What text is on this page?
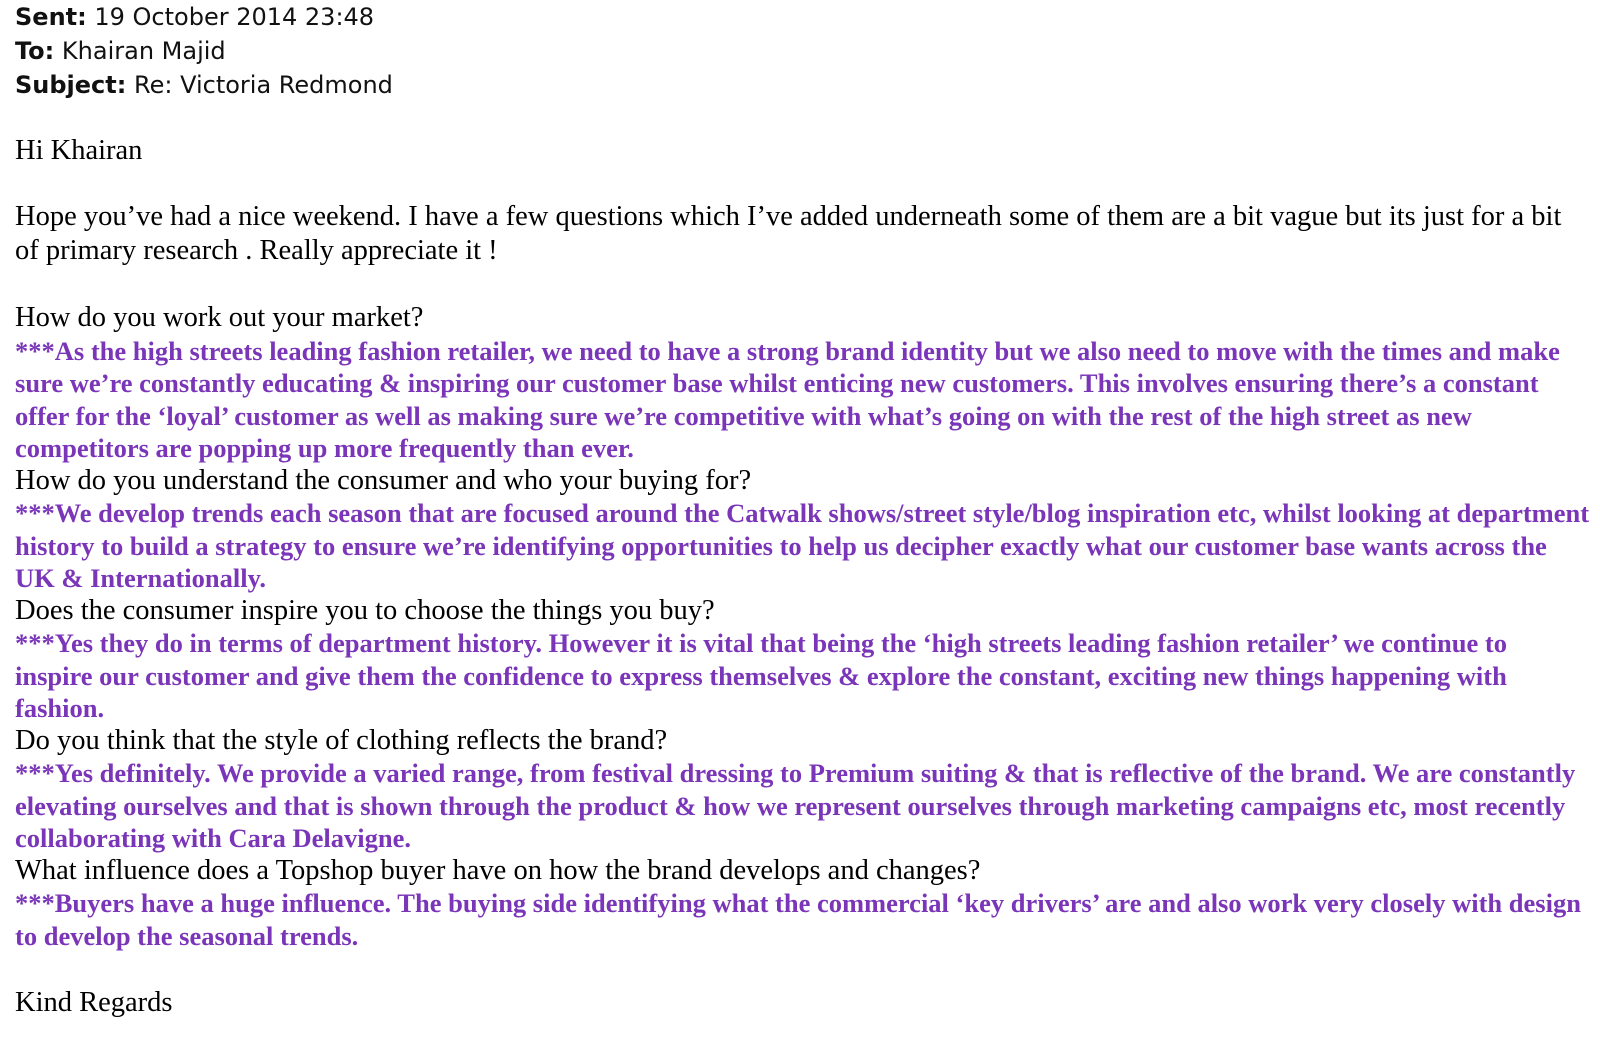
Sent: 19 October 2014 23:48
To: Khairan Majid
Subject: Re: Victoria Redmond
Hi Khairan
Hope you’ve had a nice weekend. I have a few questions which I’ve added underneath some of them are a bit vague but its just for a bit of primary research . Really appreciate it !
How do you work out your market?
***As the high streets leading fashion retailer, we need to have a strong brand identity but we also need to move with the times and make sure we’re constantly educating & inspiring our customer base whilst enticing new customers. This involves ensuring there’s a constant offer for the ‘loyal’ customer as well as making sure we’re competitive with what’s going on with the rest of the high street as new competitors are popping up more frequently than ever.
How do you understand the consumer and who your buying for?
***We develop trends each season that are focused around the Catwalk shows/street style/blog inspiration etc, whilst looking at department history to build a strategy to ensure we’re identifying opportunities to help us decipher exactly what our customer base wants across the UK & Internationally.
Does the consumer inspire you to choose the things you buy?
***Yes they do in terms of department history. However it is vital that being the ‘high streets leading fashion retailer’ we continue to inspire our customer and give them the confidence to express themselves & explore the constant, exciting new things happening with fashion.
Do you think that the style of clothing reflects the brand?
***Yes definitely. We provide a varied range, from festival dressing to Premium suiting & that is reflective of the brand. We are constantly elevating ourselves and that is shown through the product & how we represent ourselves through marketing campaigns etc, most recently collaborating with Cara Delavigne.
What influence does a Topshop buyer have on how the brand develops and changes?
***Buyers have a huge influence. The buying side identifying what the commercial ‘key drivers’ are and also work very closely with design to develop the seasonal trends.
Kind Regards
